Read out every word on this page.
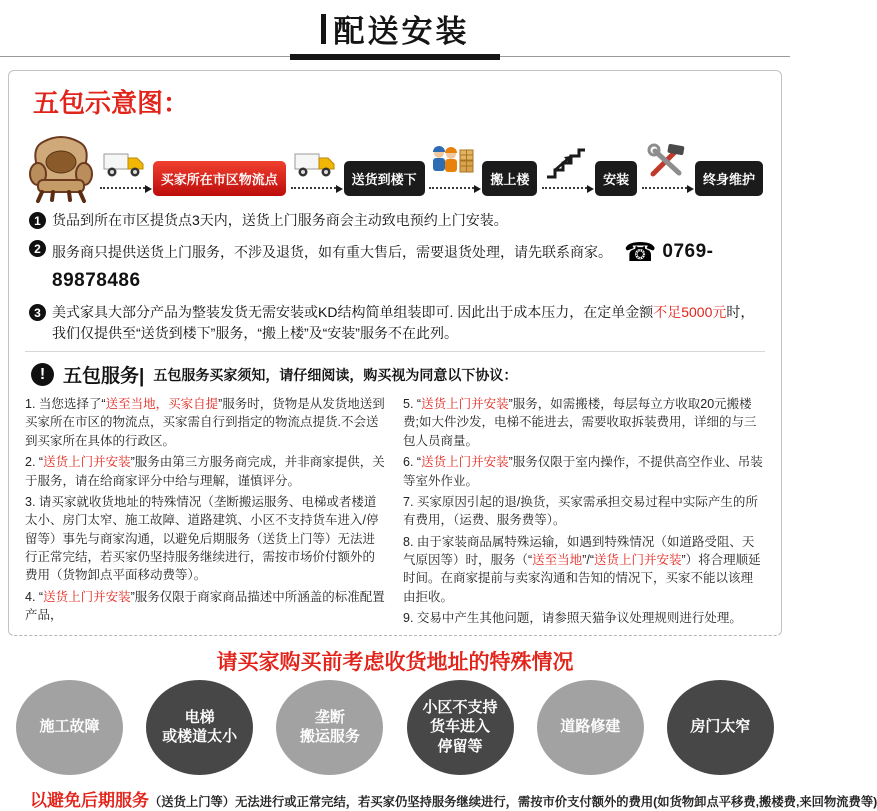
配送安装
五包示意图：
买家所在市区物流点	送货到楼下	搬上楼	安装	终身维护
1 货品到所在市区提货点3天内，送货上门服务商会主动致电预约上门安装。
2 服务商只提供送货上门服务，不涉及退货，如有重大售后，需要退货处理，请先联系商家。 ☎ 0769-89878486
3 美式家具大部分产品为整装发货无需安装或KD结构简单组装即可. 因此出于成本压力，在定单金额不足5000元时，我们仅提供至“送货到楼下”服务，“搬上楼”及“安装”服务不在此列。
! 五包服务| 五包服务买家须知，请仔细阅读，购买视为同意以下协议：

1. 当您选择了“送至当地，买家自提”服务时，货物是从发货地送到买家所在市区的物流点，买家需自行到指定的物流点提货.不会送到买家所在具体的行政区。

2. “送货上门并安装”服务由第三方服务商完成，并非商家提供，关于服务，请在给商家评分中给与理解，谨慎评分。

3. 请买家就收货地址的特殊情况（垄断搬运服务、电梯或者楼道太小、房门太窄、施工故障、道路建筑、小区不支持货车进入/停留等）事先与商家沟通，以避免后期服务（送货上门等）无法进行正常完结，若买家仍坚持服务继续进行，需按市场价付额外的费用（货物卸点平面移动费等）。

4. “送货上门并安装”服务仅限于商家商品描述中所涵盖的标准配置产品，

5. “送货上门并安装”服务，如需搬楼，每层每立方收取20元搬楼费;如大件沙发，电梯不能进去，需要收取拆装费用，详细的与三包人员商量。

6. “送货上门并安装”服务仅限于室内操作，不提供高空作业、吊装等室外作业。

7. 买家原因引起的退/换货，买家需承担交易过程中实际产生的所有费用，（运费、服务费等）。

8. 由于家装商品属特殊运输，如遇到特殊情况（如道路受阻、天气原因等）时，服务（“送至当地”/“送货上门并安装”）将合理顺延时间。在商家提前与卖家沟通和告知的情况下，买家不能以该理由拒收。

9. 交易中产生其他问题，请参照天猫争议处理规则进行处理。

请买家购买前考虑收货地址的特殊情况
施工故障
电梯
或楼道太小
垄断
搬运服务
小区不支持
货车进入
停留等
道路修建	房门太窄
以避免后期服务（送货上门等）无法进行或正常完结，若买家仍坚持服务继续进行，需按市价支付额外的费用(如货物卸点平移费,搬楼费,来回物流费等)
